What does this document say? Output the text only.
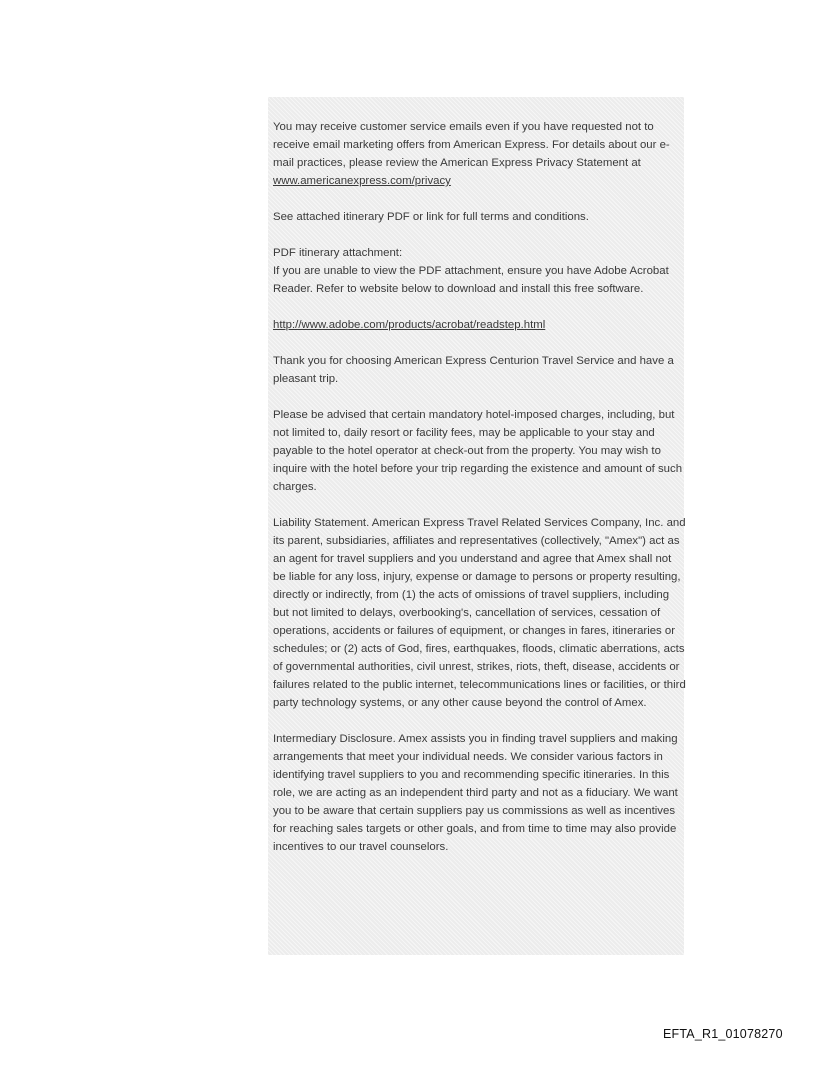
You may receive customer service emails even if you have requested not to receive email marketing offers from American Express. For details about our e-mail practices, please review the American Express Privacy Statement at www.americanexpress.com/privacy

See attached itinerary PDF or link for full terms and conditions.

PDF itinerary attachment:
If you are unable to view the PDF attachment, ensure you have Adobe Acrobat Reader. Refer to website below to download and install this free software.

http://www.adobe.com/products/acrobat/readstep.html

Thank you for choosing American Express Centurion Travel Service and have a pleasant trip.

Please be advised that certain mandatory hotel-imposed charges, including, but not limited to, daily resort or facility fees, may be applicable to your stay and payable to the hotel operator at check-out from the property. You may wish to inquire with the hotel before your trip regarding the existence and amount of such charges.

Liability Statement. American Express Travel Related Services Company, Inc. and its parent, subsidiaries, affiliates and representatives (collectively, "Amex") act as an agent for travel suppliers and you understand and agree that Amex shall not be liable for any loss, injury, expense or damage to persons or property resulting, directly or indirectly, from (1) the acts of omissions of travel suppliers, including but not limited to delays, overbooking's, cancellation of services, cessation of operations, accidents or failures of equipment, or changes in fares, itineraries or schedules; or (2) acts of God, fires, earthquakes, floods, climatic aberrations, acts of governmental authorities, civil unrest, strikes, riots, theft, disease, accidents or failures related to the public internet, telecommunications lines or facilities, or third party technology systems, or any other cause beyond the control of Amex.

Intermediary Disclosure. Amex assists you in finding travel suppliers and making arrangements that meet your individual needs. We consider various factors in identifying travel suppliers to you and recommending specific itineraries. In this role, we are acting as an independent third party and not as a fiduciary. We want you to be aware that certain suppliers pay us commissions as well as incentives for reaching sales targets or other goals, and from time to time may also provide incentives to our travel counselors.

EFTA_R1_01078270
